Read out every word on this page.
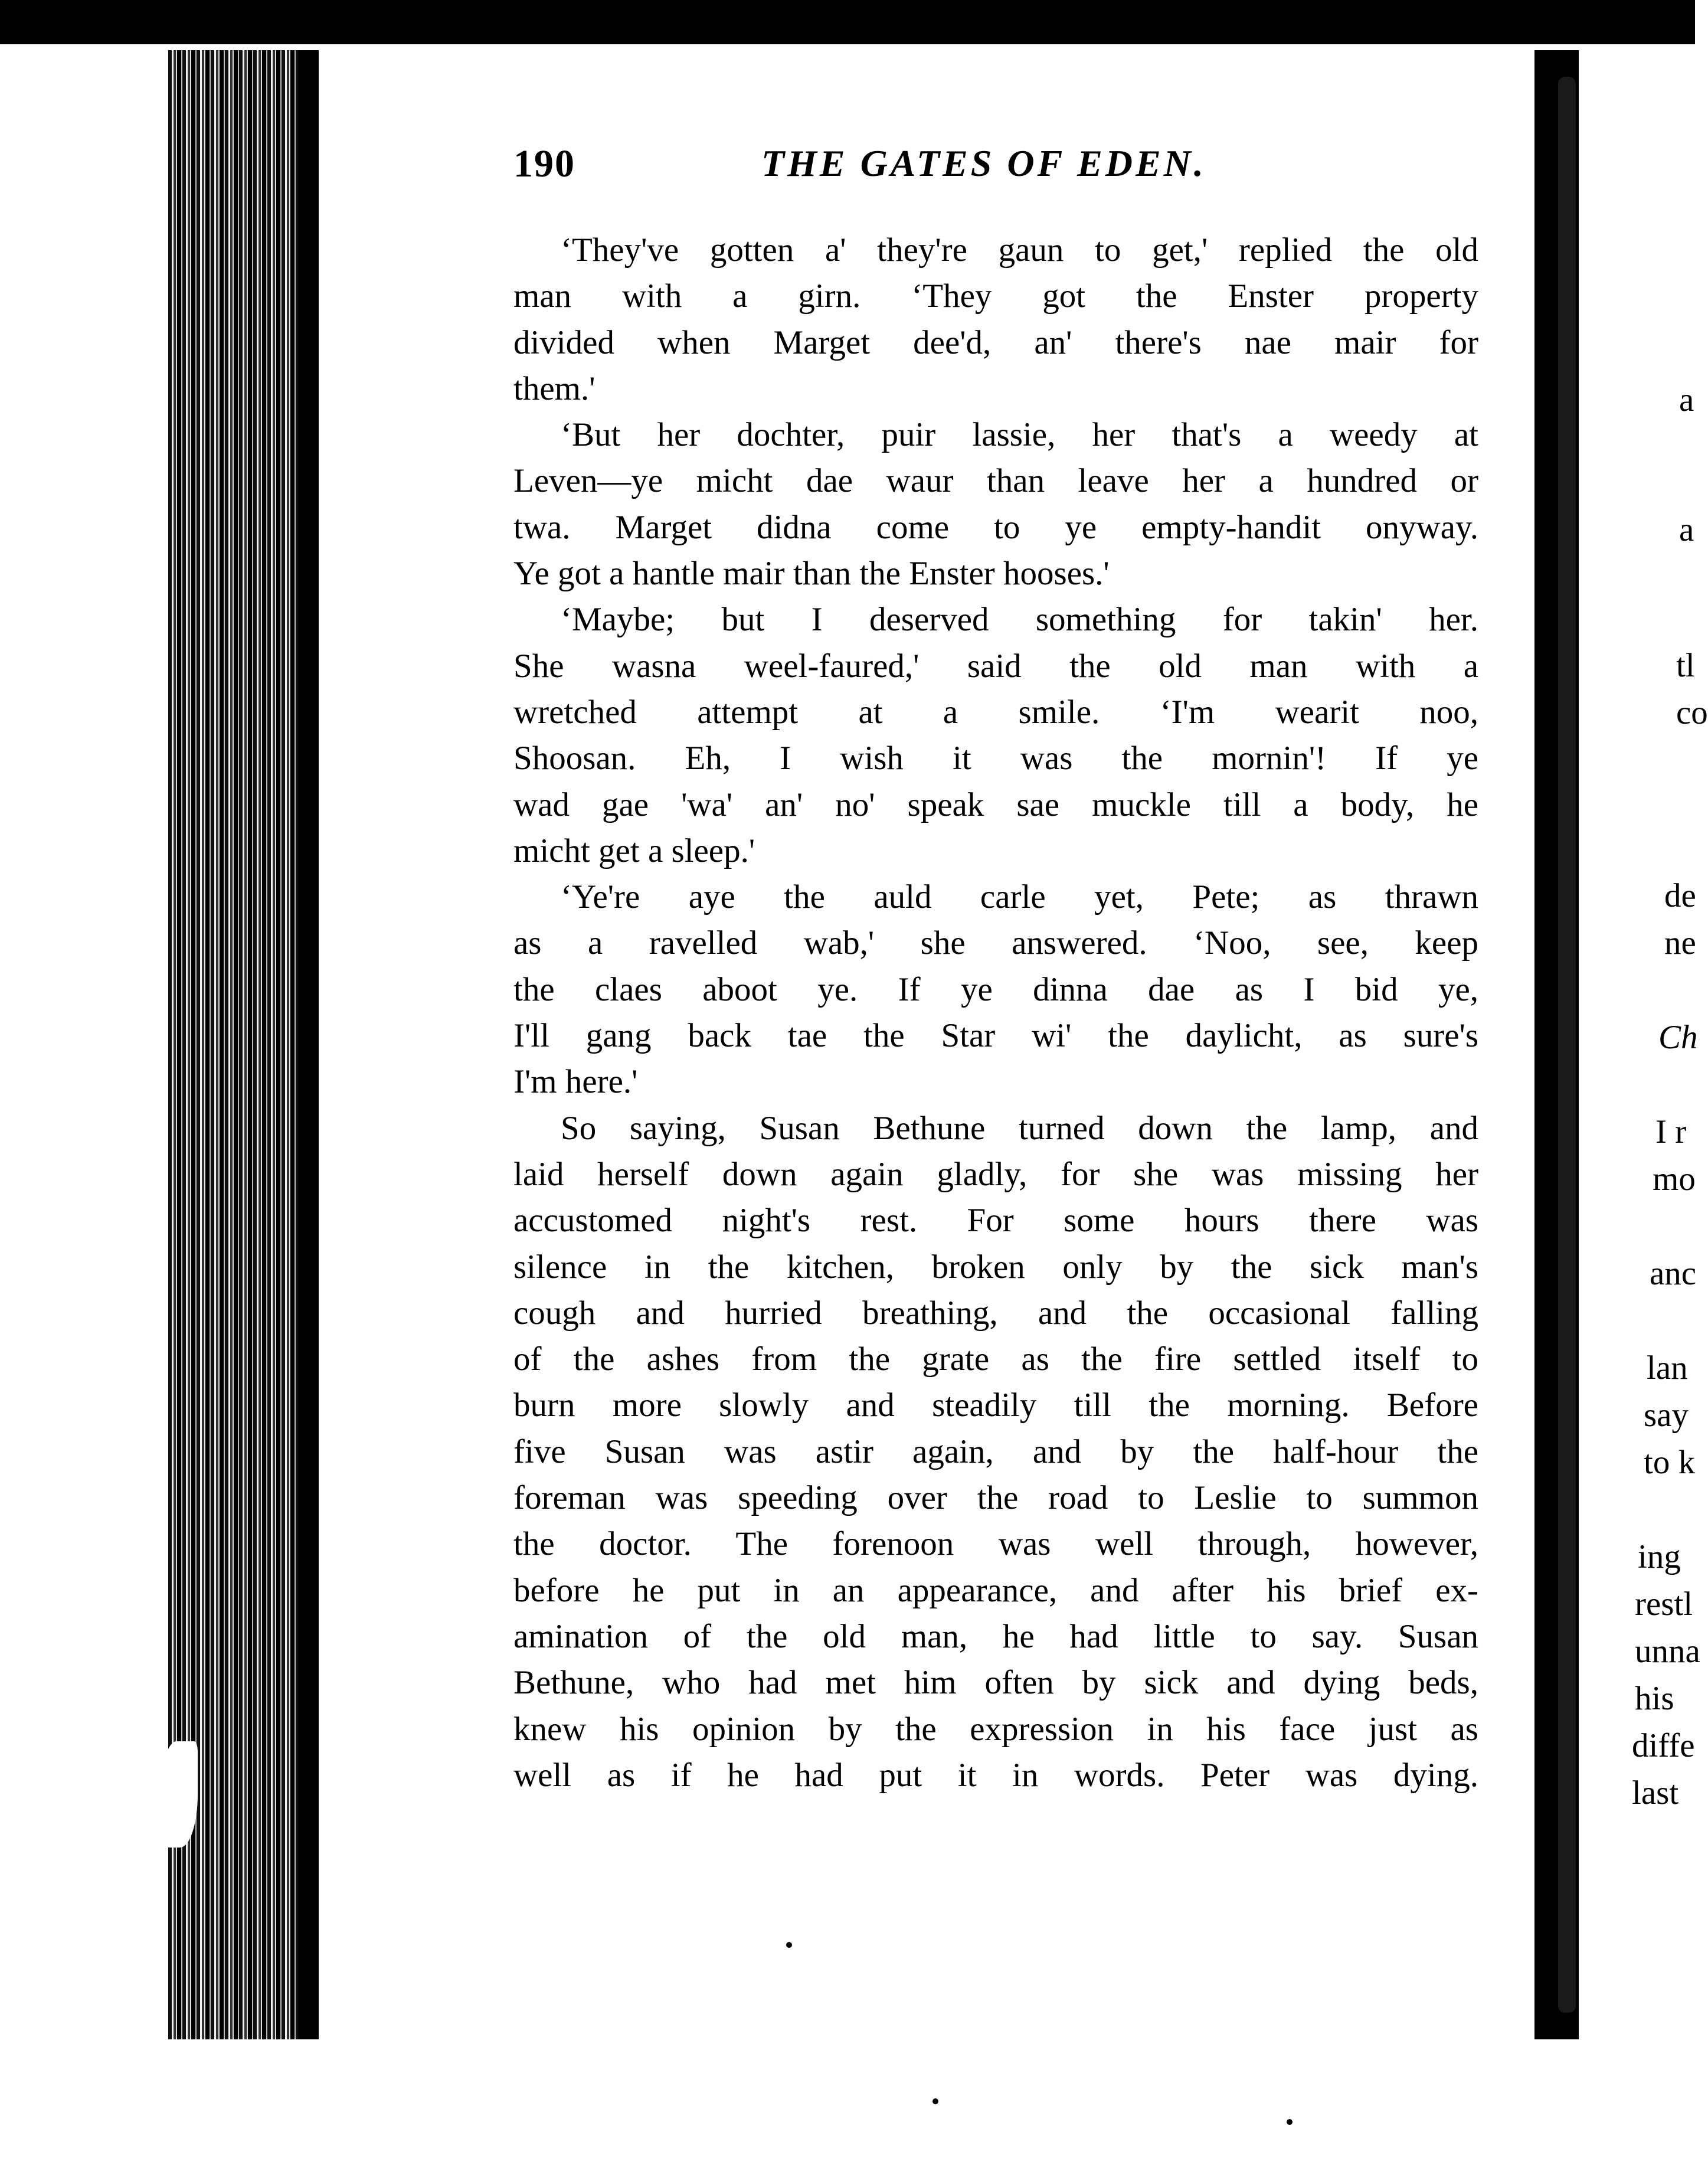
190	THE GATES OF EDEN.
‘They've gotten a' they're gaun to get,' replied the old
man with a girn. ‘They got the Enster property
divided when Marget dee'd, an' there's nae mair for
them.'
‘But her dochter, puir lassie, her that's a weedy at
Leven—ye micht dae waur than leave her a hundred or
twa. Marget didna come to ye empty-handit onyway.
Ye got a hantle mair than the Enster hooses.'
‘Maybe; but I deserved something for takin' her.
She wasna weel-faured,' said the old man with a
wretched attempt at a smile. ‘I'm wearit noo,
Shoosan. Eh, I wish it was the mornin'! If ye
wad gae 'wa' an' no' speak sae muckle till a body, he
micht get a sleep.'
‘Ye're aye the auld carle yet, Pete; as thrawn
as a ravelled wab,' she answered. ‘Noo, see, keep
the claes aboot ye. If ye dinna dae as I bid ye,
I'll gang back tae the Star wi' the daylicht, as sure's
I'm here.'
So saying, Susan Bethune turned down the lamp, and
laid herself down again gladly, for she was missing her
accustomed night's rest. For some hours there was
silence in the kitchen, broken only by the sick man's
cough and hurried breathing, and the occasional falling
of the ashes from the grate as the fire settled itself to
burn more slowly and steadily till the morning. Before
five Susan was astir again, and by the half-hour the
foreman was speeding over the road to Leslie to summon
the doctor. The forenoon was well through, however,
before he put in an appearance, and after his brief ex-
amination of the old man, he had little to say. Susan
Bethune, who had met him often by sick and dying beds,
knew his opinion by the expression in his face just as
well as if he had put it in words. Peter was dying.
a
a
tl
co
de
ne
Ch
I r
mo
anc
lan
say
to k
ing
restl
unna
his
diffe
last
